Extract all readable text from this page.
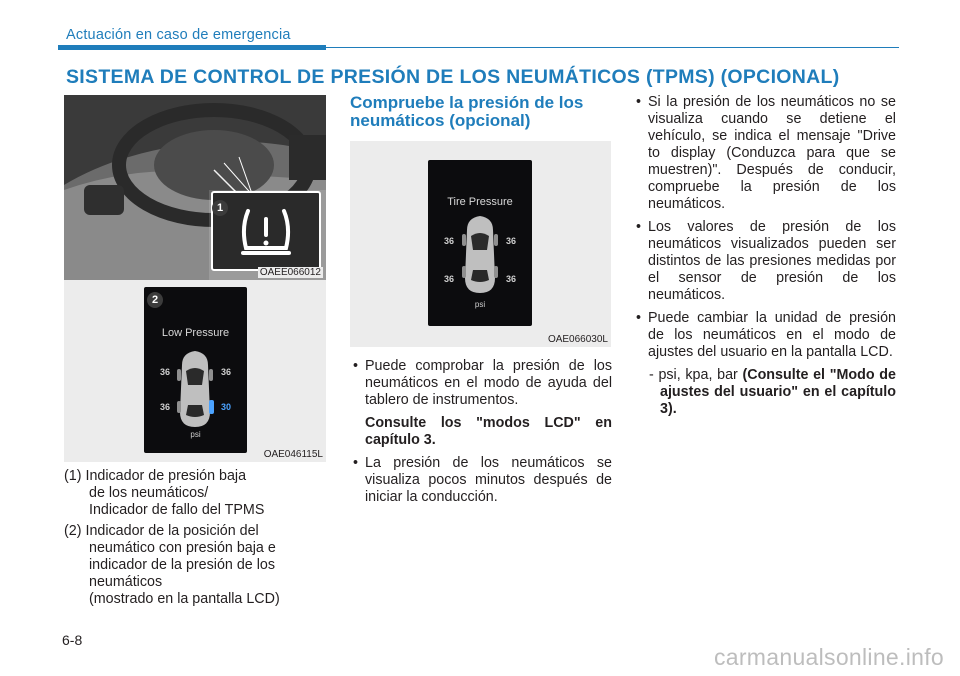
Actuación en caso de emergencia
SISTEMA DE CONTROL DE PRESIÓN DE LOS NEUMÁTICOS (TPMS) (OPCIONAL)
1
OAEE066012
Low Pressure
36	36
36	30
psi
2
OAE046115L
(1) Indicador de presión baja
de los neumáticos/
Indicador de fallo del TPMS
(2) Indicador de la posición del
neumático con presión baja e
indicador de la presión de los
neumáticos
(mostrado en la pantalla LCD)
Compruebe la presión de los neumáticos (opcional)
Tire Pressure
36	36
36	36
psi
OAE066030L
• Puede comprobar la presión de los neumáticos en el modo de ayuda del tablero de instrumentos.
Consulte los "modos LCD" en capítulo 3.
• La presión de los neumáticos se visualiza pocos minutos después de iniciar la conducción.
• Si la presión de los neumáticos no se visualiza cuando se detiene el vehículo, se indica el mensaje "Drive to display (Conduzca para que se muestren)". Después de conducir, compruebe la presión de los neumáticos.
• Los valores de presión de los neumáticos visualizados pueden ser distintos de las presiones medidas por el sensor de presión de los neumáticos.
• Puede cambiar la unidad de presión de los neumáticos en el modo de ajustes del usuario en la pantalla LCD.
- psi, kpa, bar (Consulte el "Modo de ajustes del usuario" en el capítulo 3).
6-8
carmanualsonline.info
